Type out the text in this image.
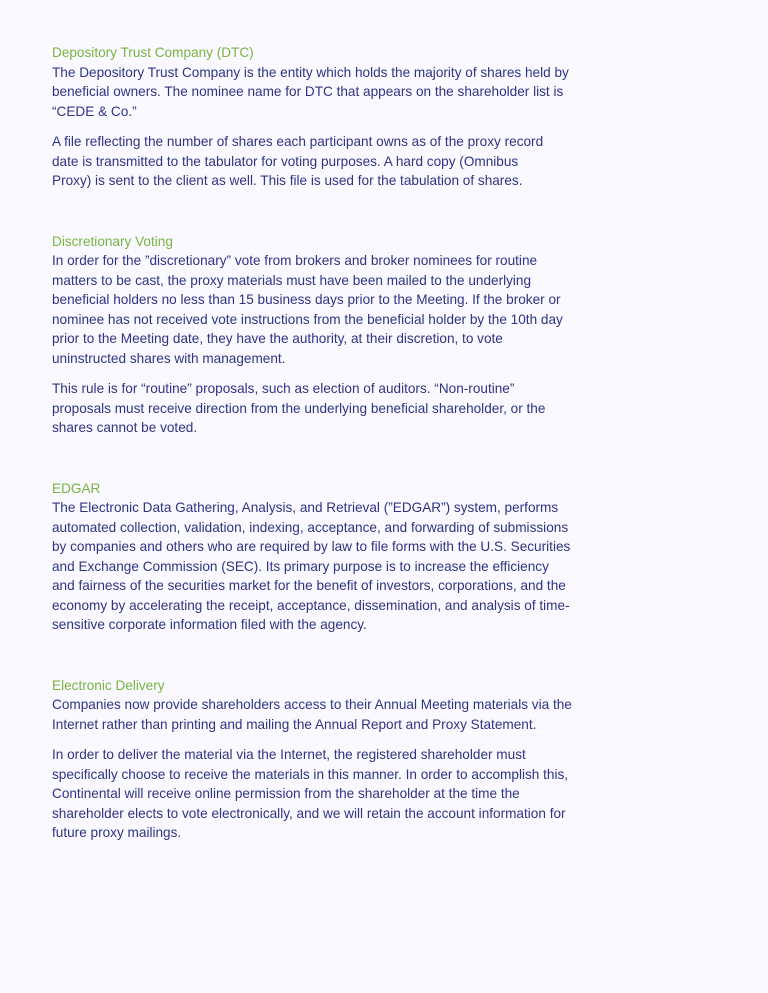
Depository Trust Company (DTC)

The Depository Trust Company is the entity which holds the majority of shares held by beneficial owners. The nominee name for DTC that appears on the shareholder list is “CEDE & Co.”

A file reflecting the number of shares each participant owns as of the proxy record date is transmitted to the tabulator for voting purposes. A hard copy (Omnibus Proxy) is sent to the client as well. This file is used for the tabulation of shares.

Discretionary Voting

In order for the ”discretionary” vote from brokers and broker nominees for routine matters to be cast, the proxy materials must have been mailed to the underlying beneficial holders no less than 15 business days prior to the Meeting. If the broker or nominee has not received vote instructions from the beneficial holder by the 10th day prior to the Meeting date, they have the authority, at their discretion, to vote uninstructed shares with management.

This rule is for “routine” proposals, such as election of auditors. “Non-routine” proposals must receive direction from the underlying beneficial shareholder, or the shares cannot be voted.

EDGAR

The Electronic Data Gathering, Analysis, and Retrieval (”EDGAR”) system, performs automated collection, validation, indexing, acceptance, and forwarding of submissions by companies and others who are required by law to file forms with the U.S. Securities and Exchange Commission (SEC). Its primary purpose is to increase the efficiency and fairness of the securities market for the benefit of investors, corporations, and the economy by accelerating the receipt, acceptance, dissemination, and analysis of time-sensitive corporate information filed with the agency.

Electronic Delivery

Companies now provide shareholders access to their Annual Meeting materials via the Internet rather than printing and mailing the Annual Report and Proxy Statement.

In order to deliver the material via the Internet, the registered shareholder must specifically choose to receive the materials in this manner. In order to accomplish this, Continental will receive online permission from the shareholder at the time the shareholder elects to vote electronically, and we will retain the account information for future proxy mailings.
